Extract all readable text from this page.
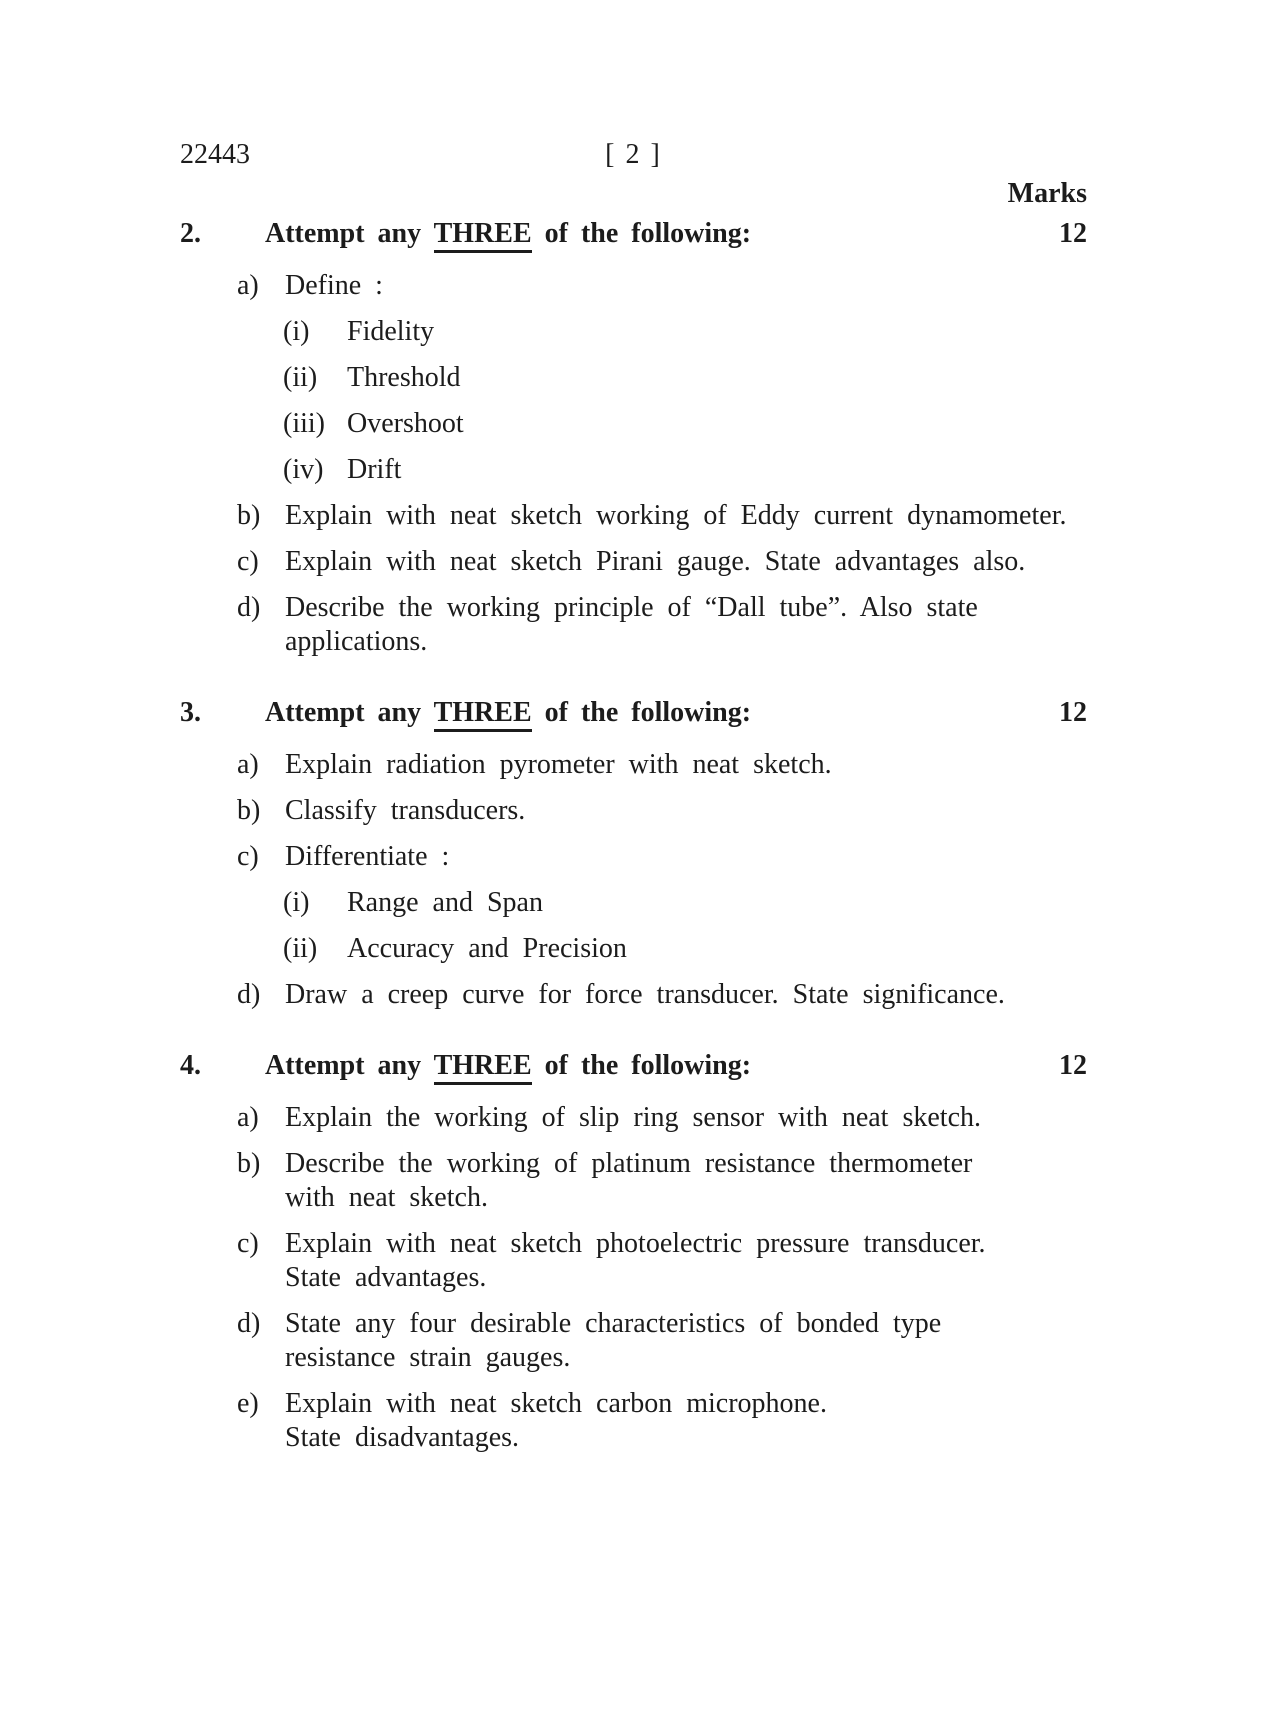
22443	[ 2 ]
Marks
2.	Attempt any THREE of the following:	12
a) Define :
(i)	Fidelity
(ii)	Threshold
(iii) Overshoot
(iv) Drift
b) Explain with neat sketch working of Eddy current dynamometer.
c) Explain with neat sketch Pirani gauge. State advantages also.
d) Describe the working principle of “Dall tube”. Also state
applications.
3.	Attempt any THREE of the following:	12
a) Explain radiation pyrometer with neat sketch.
b) Classify transducers.
c) Differentiate :
(i)	Range and Span
(ii)	Accuracy and Precision
d) Draw a creep curve for force transducer. State significance.
4.	Attempt any THREE of the following:	12
a) Explain the working of slip ring sensor with neat sketch.
b) Describe the working of platinum resistance thermometer
with neat sketch.
c) Explain with neat sketch photoelectric pressure transducer.
State advantages.
d) State any four desirable characteristics of bonded type
resistance strain gauges.
e) Explain with neat sketch carbon microphone.
State disadvantages.
